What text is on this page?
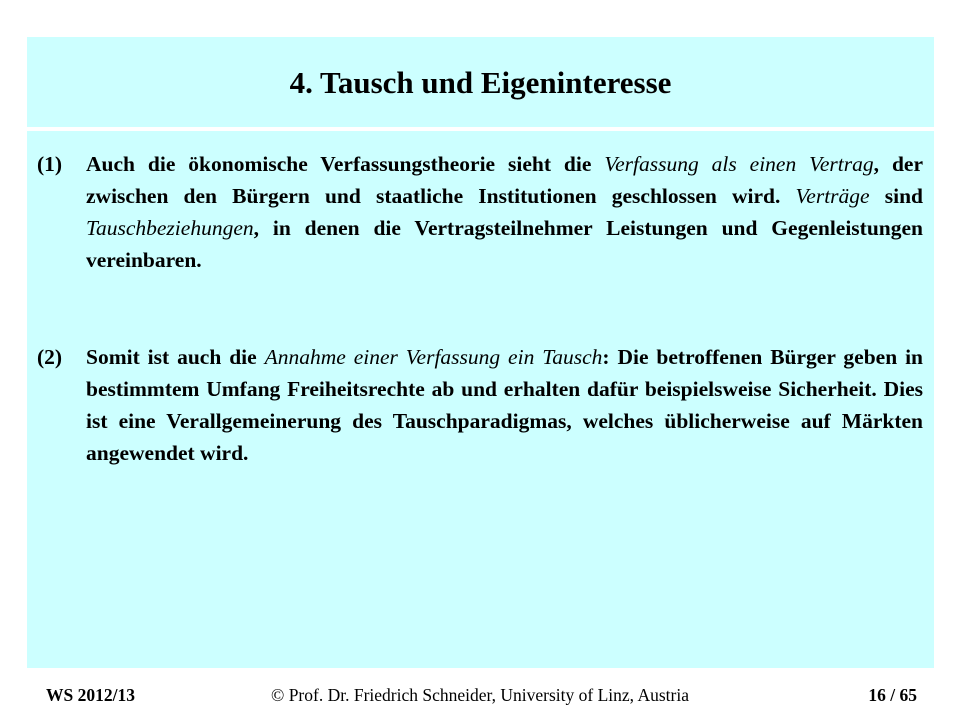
4. Tausch und Eigeninteresse
(1)	Auch die ökonomische Verfassungstheorie sieht die Verfassung als einen Vertrag, der zwischen den Bürgern und staatliche Institutionen geschlossen wird. Verträge sind Tauschbeziehungen, in denen die Vertragsteilnehmer Leistungen und Gegenleistungen vereinbaren.
(2)	Somit ist auch die Annahme einer Verfassung ein Tausch: Die betroffenen Bürger geben in bestimmtem Umfang Freiheitsrechte ab und erhalten dafür beispielsweise Sicherheit. Dies ist eine Verallgemeinerung des Tauschparadigmas, welches üblicherweise auf Märkten angewendet wird.
WS 2012/13	© Prof. Dr. Friedrich Schneider, University of Linz, Austria	16 / 65
